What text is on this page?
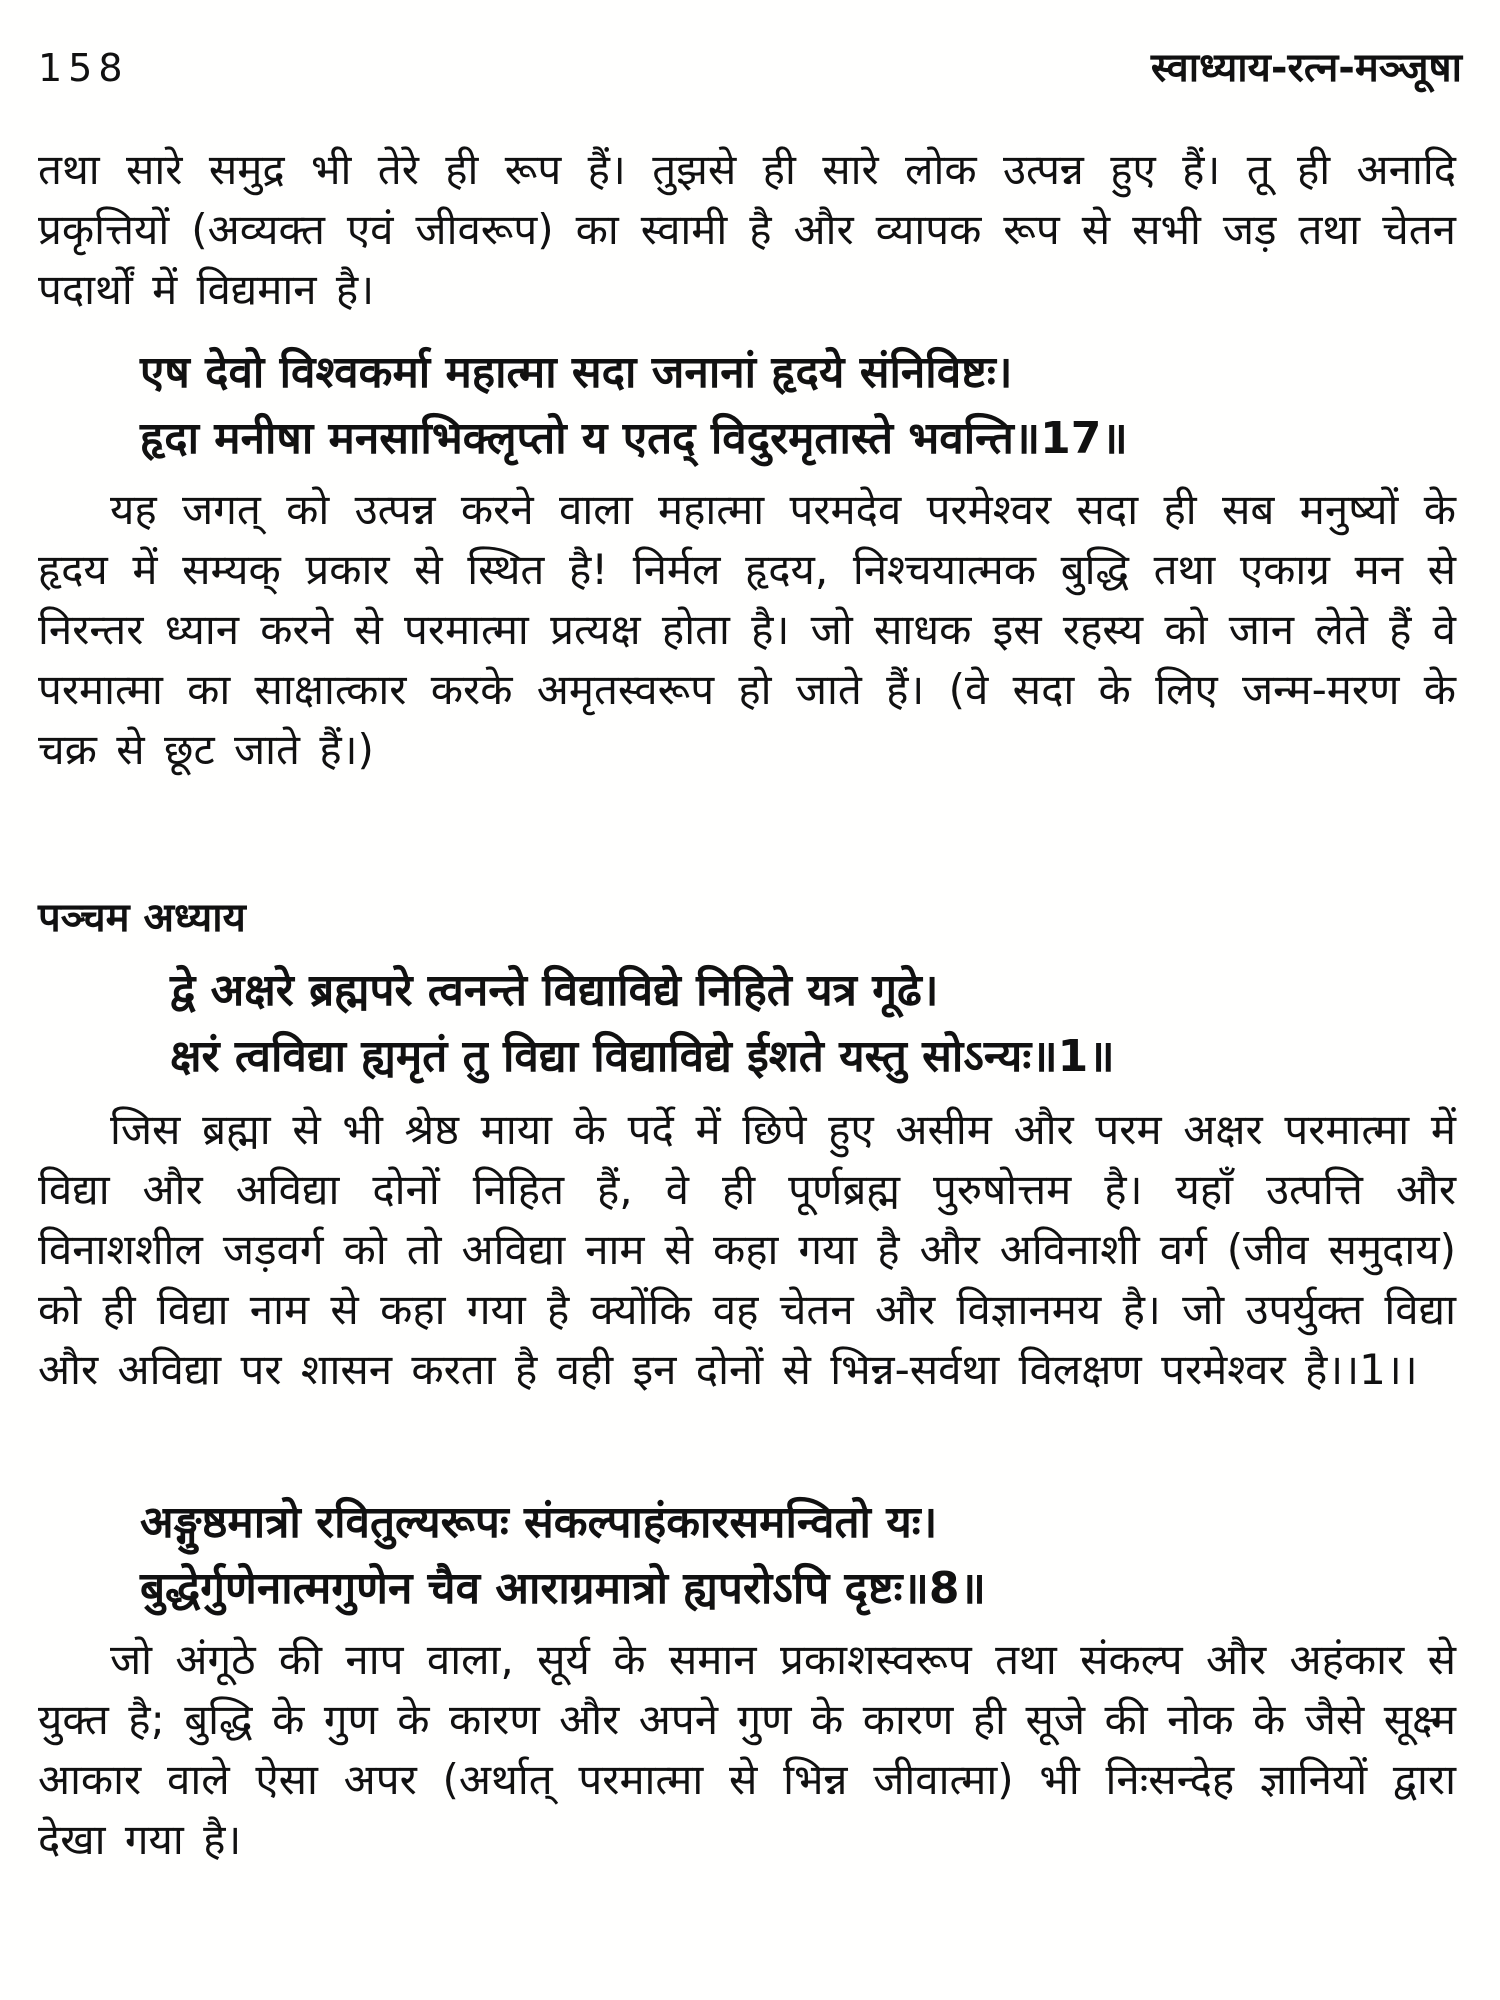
158	स्वाध्याय-रत्न-मञ्जूषा

तथा सारे समुद्र भी तेरे ही रूप हैं। तुझसे ही सारे लोक उत्पन्न हुए हैं। तू ही अनादि प्रकृत्तियों (अव्यक्त एवं जीवरूप) का स्वामी है और व्यापक रूप से सभी जड़ तथा चेतन पदार्थों में विद्यमान है।

एष देवो विश्वकर्मा महात्मा सदा जनानां हृदये संनिविष्टः।

हृदा मनीषा मनसाभिक्लृप्तो य एतद् विदुरमृतास्ते भवन्ति॥17॥

यह जगत् को उत्पन्न करने वाला महात्मा परमदेव परमेश्वर सदा ही सब मनुष्यों के हृदय में सम्यक् प्रकार से स्थित है! निर्मल हृदय, निश्चयात्मक बुद्धि तथा एकाग्र मन से निरन्तर ध्यान करने से परमात्मा प्रत्यक्ष होता है। जो साधक इस रहस्य को जान लेते हैं वे परमात्मा का साक्षात्कार करके अमृतस्वरूप हो जाते हैं। (वे सदा के लिए जन्म-मरण के चक्र से छूट जाते हैं।)

पञ्चम अध्याय

द्वे अक्षरे ब्रह्मपरे त्वनन्ते विद्याविद्ये निहिते यत्र गूढे।

क्षरं त्वविद्या ह्यमृतं तु विद्या विद्याविद्ये ईशते यस्तु सोऽन्यः॥1॥

जिस ब्रह्मा से भी श्रेष्ठ माया के पर्दे में छिपे हुए असीम और परम अक्षर परमात्मा में विद्या और अविद्या दोनों निहित हैं, वे ही पूर्णब्रह्म पुरुषोत्तम है। यहाँ उत्पत्ति और विनाशशील जड़वर्ग को तो अविद्या नाम से कहा गया है और अविनाशी वर्ग (जीव समुदाय) को ही विद्या नाम से कहा गया है क्योंकि वह चेतन और विज्ञानमय है। जो उपर्युक्त विद्या और अविद्या पर शासन करता है वही इन दोनों से भिन्न-सर्वथा विलक्षण परमेश्वर है।।1।।

अङ्गुष्ठमात्रो रवितुल्यरूपः संकल्पाहंकारसमन्वितो यः।

बुद्धेर्गुणेनात्मगुणेन चैव आराग्रमात्रो ह्यपरोऽपि दृष्टः॥8॥

जो अंगूठे की नाप वाला, सूर्य के समान प्रकाशस्वरूप तथा संकल्प और अहंकार से युक्त है; बुद्धि के गुण के कारण और अपने गुण के कारण ही सूजे की नोक के जैसे सूक्ष्म आकार वाले ऐसा अपर (अर्थात् परमात्मा से भिन्न जीवात्मा) भी निःसन्देह ज्ञानियों द्वारा देखा गया है।
